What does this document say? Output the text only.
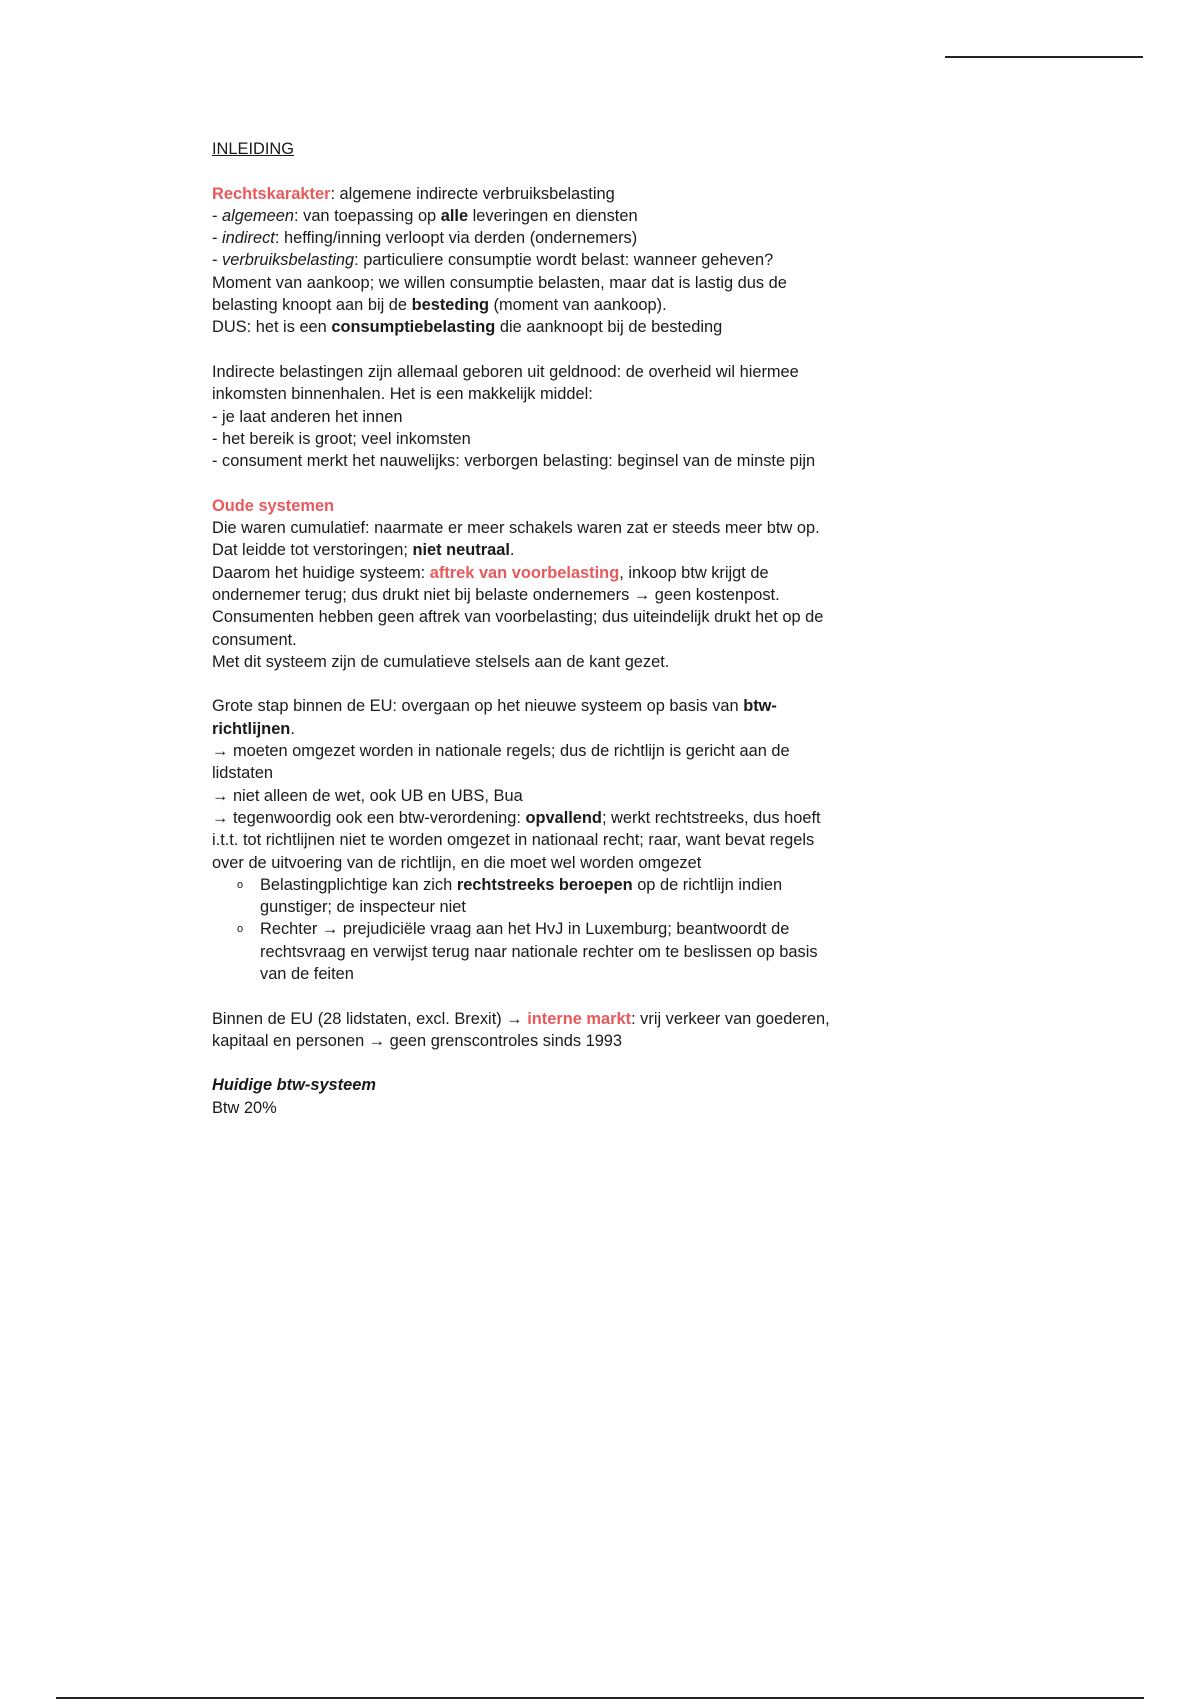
INLEIDING

Rechtskarakter: algemene indirecte verbruiksbelasting

- algemeen: van toepassing op alle leveringen en diensten

- indirect: heffing/inning verloopt via derden (ondernemers)

- verbruiksbelasting: particuliere consumptie wordt belast: wanneer geheven? Moment van aankoop; we willen consumptie belasten, maar dat is lastig dus de belasting knoopt aan bij de besteding (moment van aankoop).

DUS: het is een consumptiebelasting die aanknoopt bij de besteding

Indirecte belastingen zijn allemaal geboren uit geldnood: de overheid wil hiermee inkomsten binnenhalen. Het is een makkelijk middel:

- je laat anderen het innen

- het bereik is groot; veel inkomsten

- consument merkt het nauwelijks: verborgen belasting: beginsel van de minste pijn

Oude systemen

Die waren cumulatief: naarmate er meer schakels waren zat er steeds meer btw op. Dat leidde tot verstoringen; niet neutraal.

Daarom het huidige systeem: aftrek van voorbelasting, inkoop btw krijgt de ondernemer terug; dus drukt niet bij belaste ondernemers → geen kostenpost. Consumenten hebben geen aftrek van voorbelasting; dus uiteindelijk drukt het op de consument.

Met dit systeem zijn de cumulatieve stelsels aan de kant gezet.

Grote stap binnen de EU: overgaan op het nieuwe systeem op basis van btw-richtlijnen.

→ moeten omgezet worden in nationale regels; dus de richtlijn is gericht aan de lidstaten

→ niet alleen de wet, ook UB en UBS, Bua

→ tegenwoordig ook een btw-verordening: opvallend; werkt rechtstreeks, dus hoeft i.t.t. tot richtlijnen niet te worden omgezet in nationaal recht; raar, want bevat regels over de uitvoering van de richtlijn, en die moet wel worden omgezet

o Belastingplichtige kan zich rechtstreeks beroepen op de richtlijn indien gunstiger; de inspecteur niet
o Rechter → prejudiciële vraag aan het HvJ in Luxemburg; beantwoordt de rechtsvraag en verwijst terug naar nationale rechter om te beslissen op basis van de feiten

Binnen de EU (28 lidstaten, excl. Brexit) → interne markt: vrij verkeer van goederen, kapitaal en personen → geen grenscontroles sinds 1993

Huidige btw-systeem

Btw 20%
